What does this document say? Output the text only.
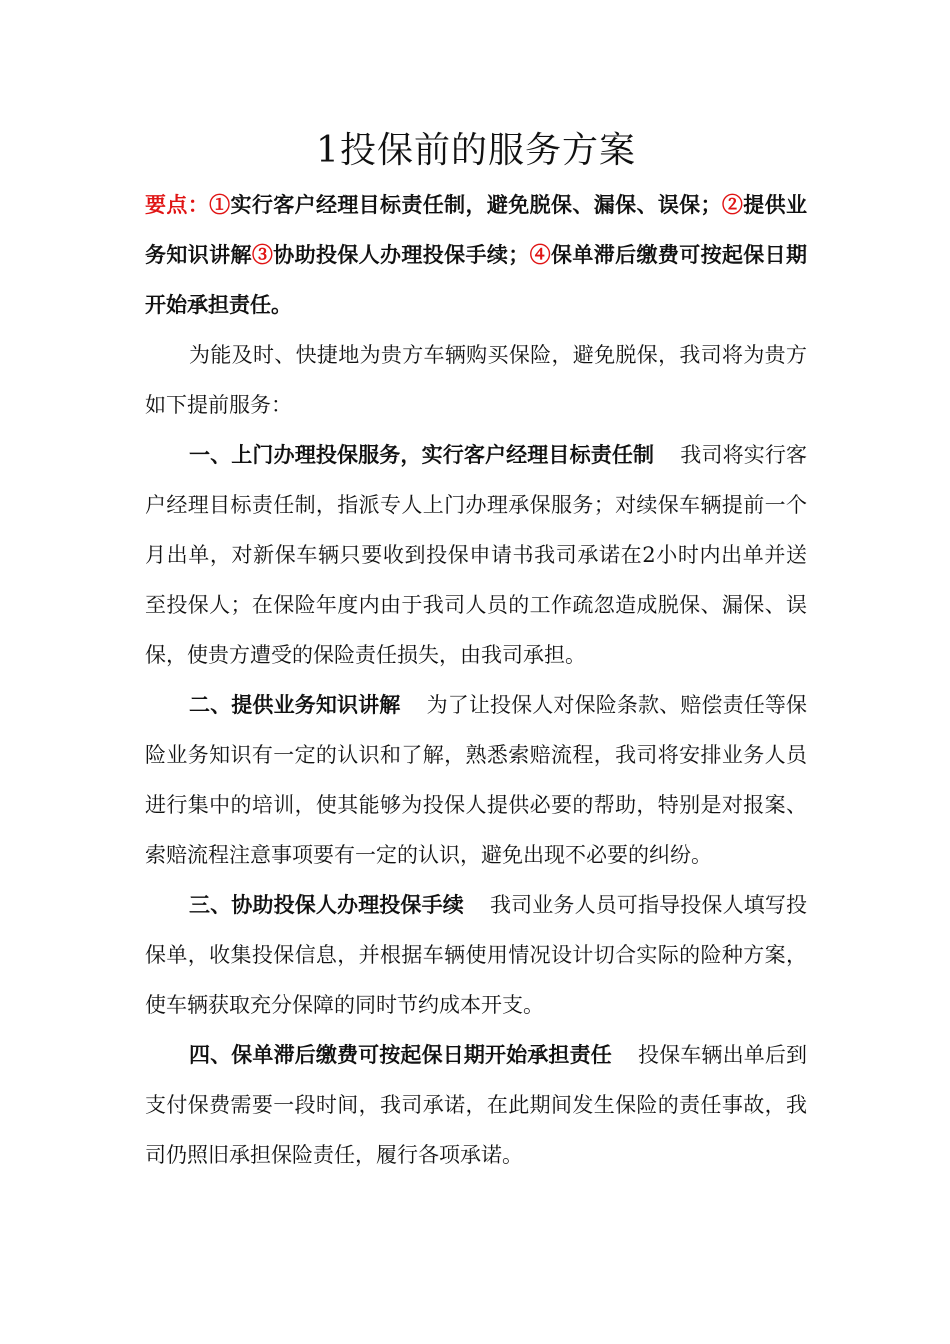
1投保前的服务方案

要点：①实行客户经理目标责任制，避免脱保、漏保、误保；②提供业务知识讲解③协助投保人办理投保手续；④保单滞后缴费可按起保日期开始承担责任。

为能及时、快捷地为贵方车辆购买保险，避免脱保，我司将为贵方如下提前服务：

一、上门办理投保服务，实行客户经理目标责任制 我司将实行客户经理目标责任制，指派专人上门办理承保服务；对续保车辆提前一个月出单，对新保车辆只要收到投保申请书我司承诺在2小时内出单并送至投保人；在保险年度内由于我司人员的工作疏忽造成脱保、漏保、误保，使贵方遭受的保险责任损失，由我司承担。

二、提供业务知识讲解 为了让投保人对保险条款、赔偿责任等保险业务知识有一定的认识和了解，熟悉索赔流程，我司将安排业务人员进行集中的培训，使其能够为投保人提供必要的帮助，特别是对报案、索赔流程注意事项要有一定的认识，避免出现不必要的纠纷。

三、协助投保人办理投保手续 我司业务人员可指导投保人填写投保单，收集投保信息，并根据车辆使用情况设计切合实际的险种方案，使车辆获取充分保障的同时节约成本开支。

四、保单滞后缴费可按起保日期开始承担责任 投保车辆出单后到支付保费需要一段时间，我司承诺，在此期间发生保险的责任事故，我司仍照旧承担保险责任，履行各项承诺。
